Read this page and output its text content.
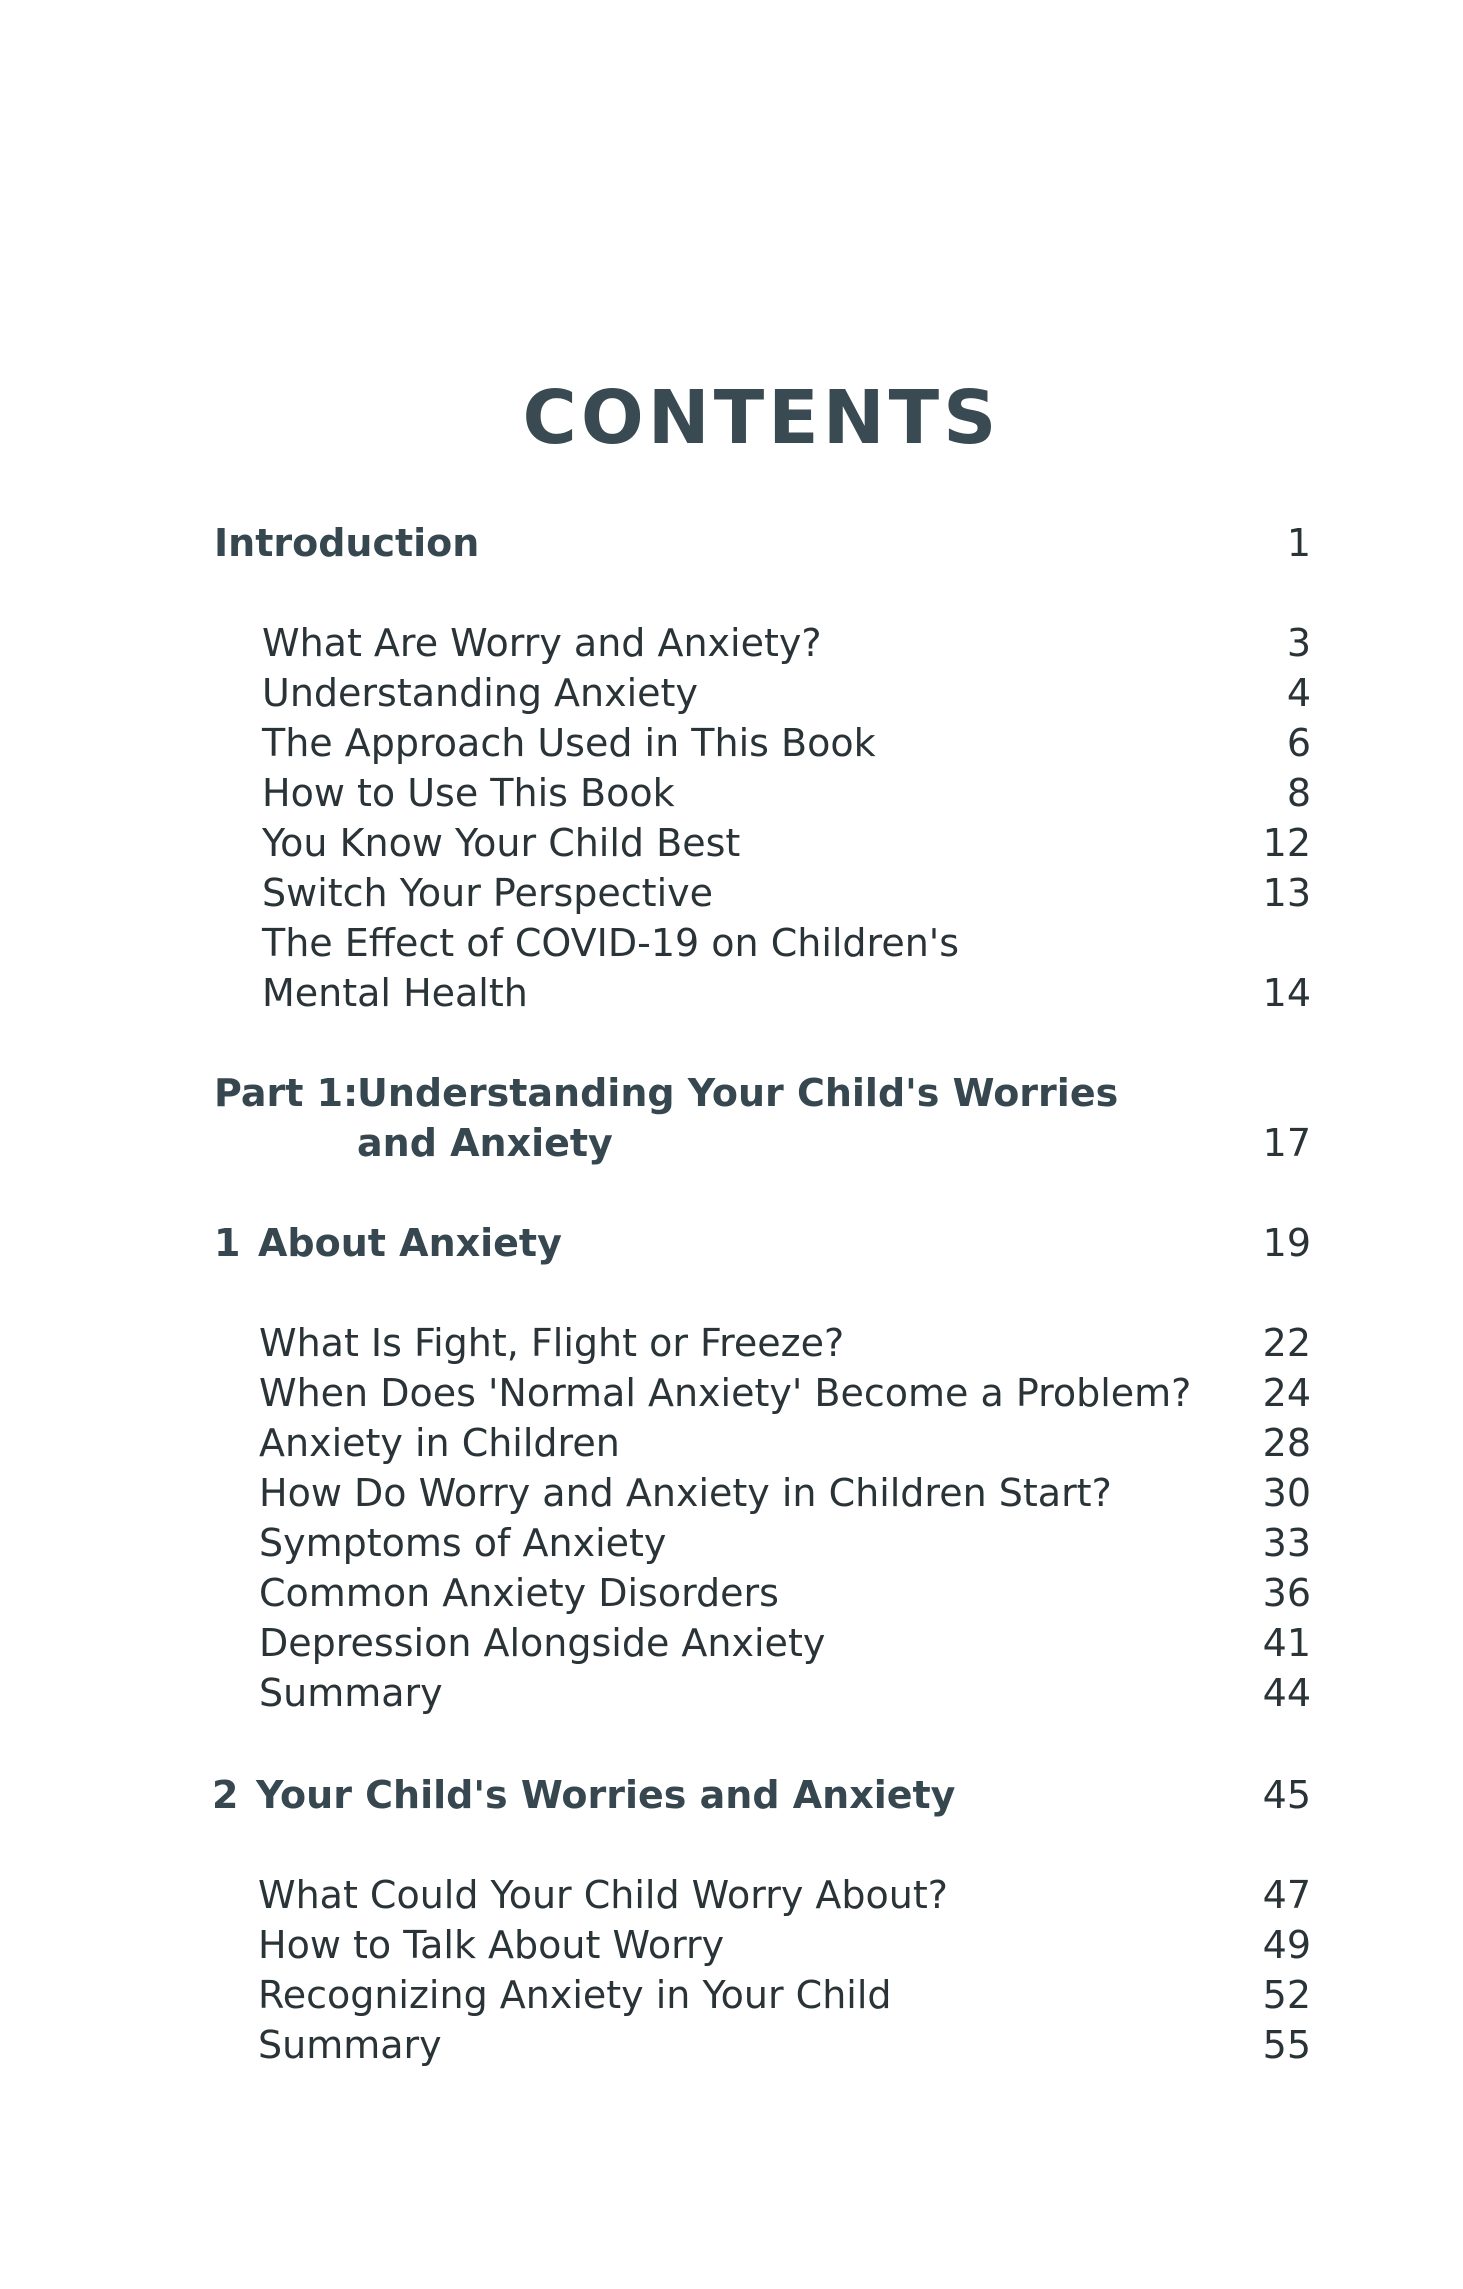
CONTENTS
Introduction	1
What Are Worry and Anxiety?	3
Understanding Anxiety	4
The Approach Used in This Book	6
How to Use This Book	8
You Know Your Child Best	12
Switch Your Perspective	13
The Effect of COVID-19 on Children's
Mental Health	14
Part 1:
Understanding Your Child's Worries
and Anxiety	17
1 About Anxiety	19
What Is Fight, Flight or Freeze?	22
When Does 'Normal Anxiety' Become a Problem? 24
Anxiety in Children	28
How Do Worry and Anxiety in Children Start?	30
Symptoms of Anxiety	33
Common Anxiety Disorders	36
Depression Alongside Anxiety	41
Summary	44
2 Your Child's Worries and Anxiety	45
What Could Your Child Worry About?	47
How to Talk About Worry	49
Recognizing Anxiety in Your Child	52
Summary	55
